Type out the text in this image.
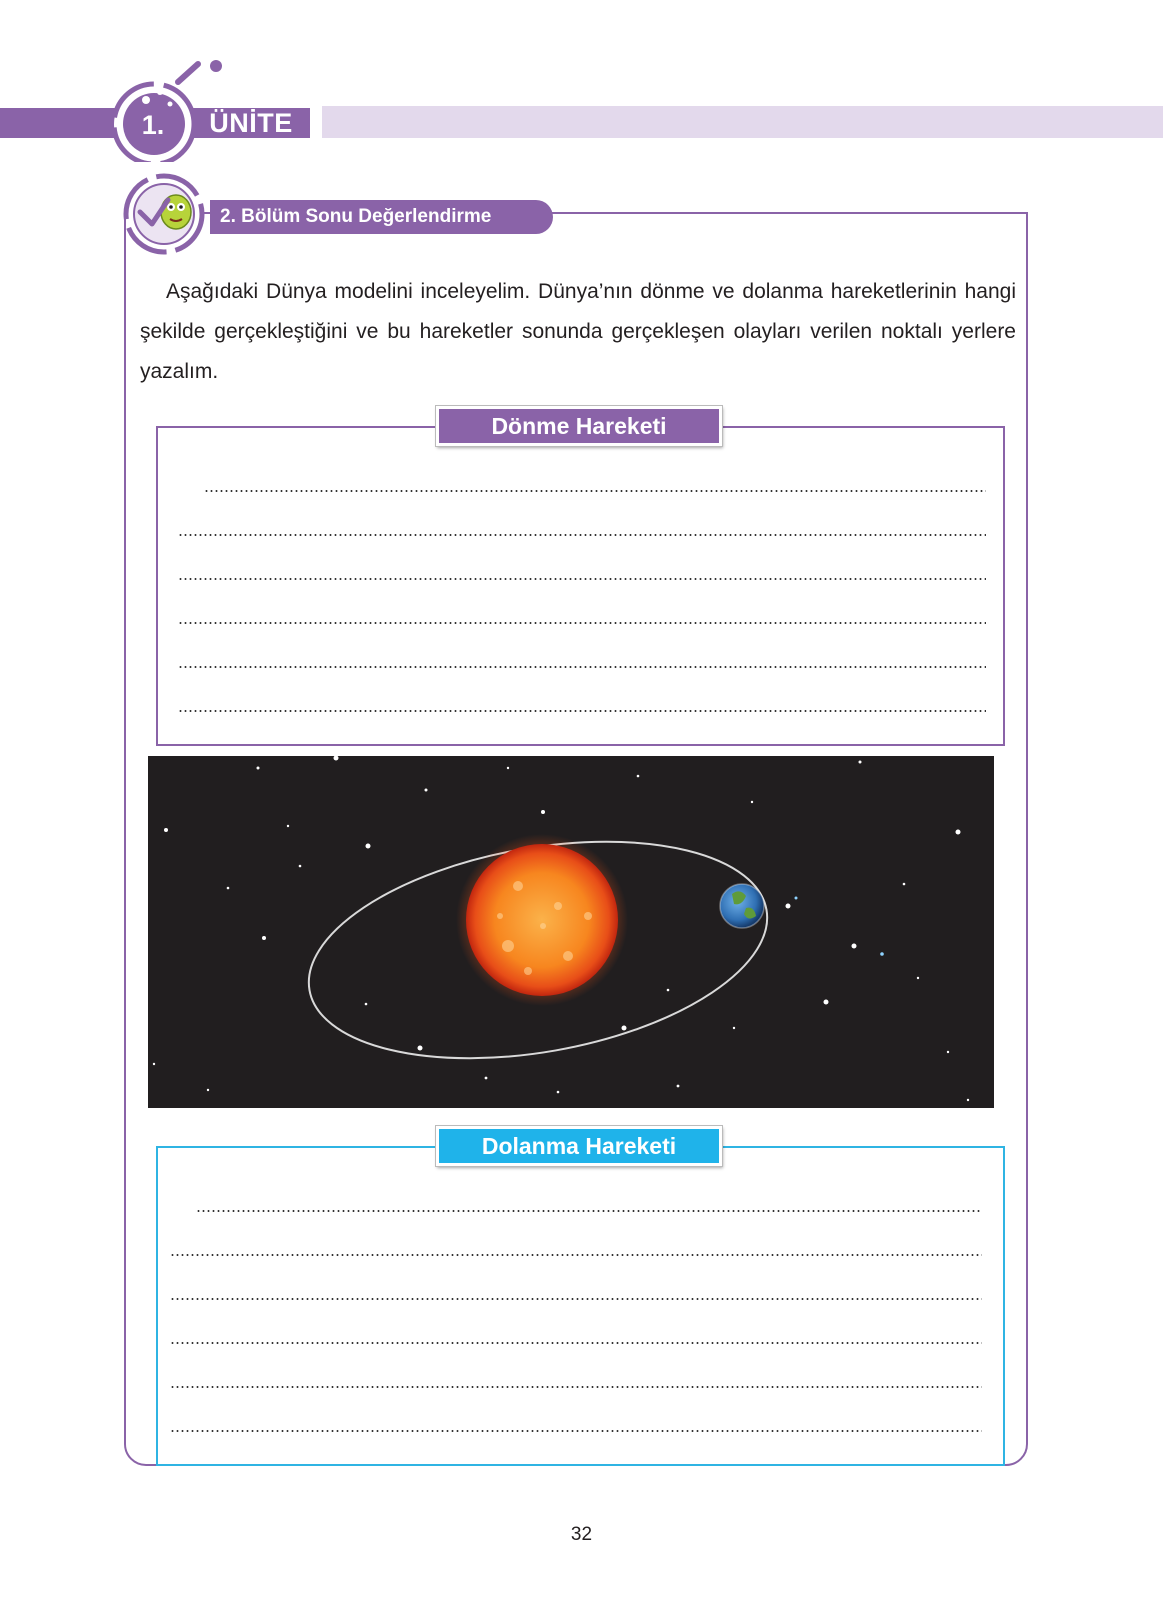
1.	ÜNİTE
2. Bölüm Sonu Değerlendirme

Aşağıdaki Dünya modelini inceleyelim. Dünya’nın dönme ve dolanma hareketlerinin hangi şekilde gerçekleştiğini ve bu hareketler sonunda gerçekleşen olayları verilen noktalı yerlere yazalım.

Dönme Hareketi
Dolanma Hareketi
32
